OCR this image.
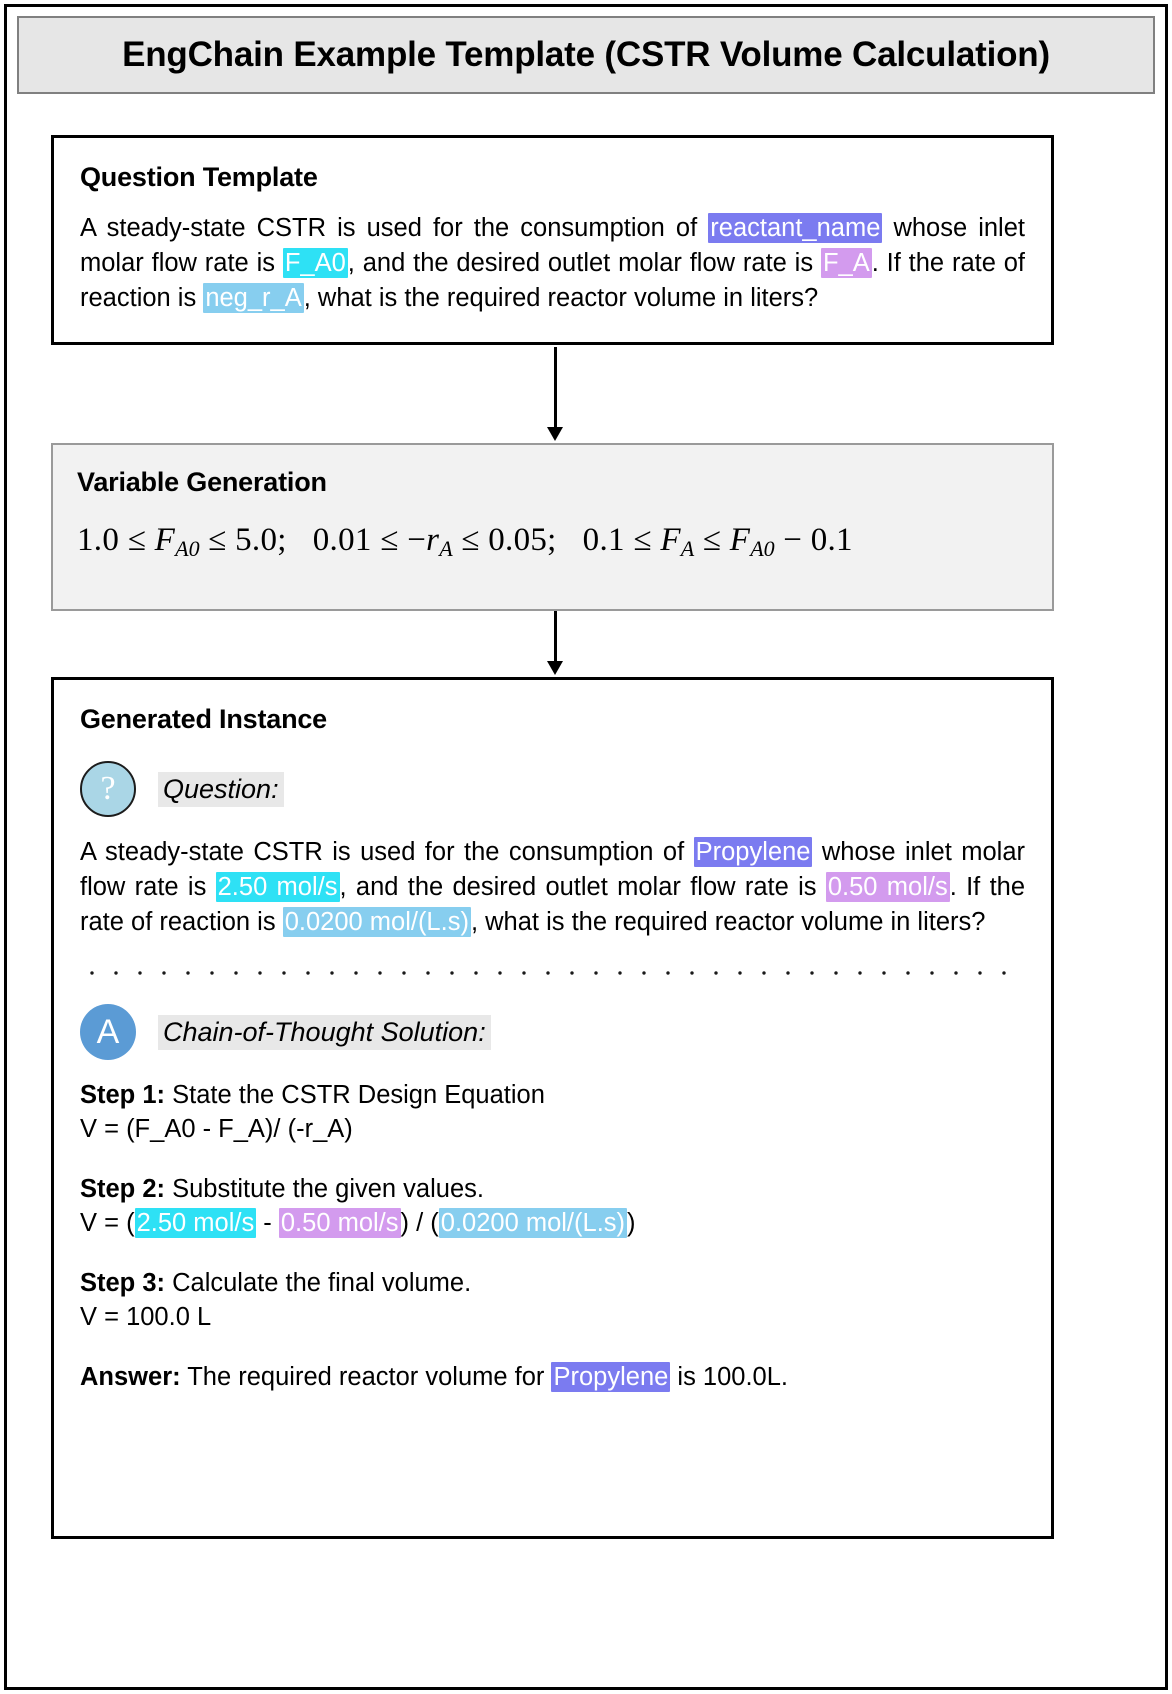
EngChain Example Template (CSTR Volume Calculation)
Question Template
A steady-state CSTR is used for the consumption of reactant_name whose inlet molar flow rate is F_A0, and the desired outlet molar flow rate is F_A. If the rate of reaction is neg_r_A, what is the required reactor volume in liters?
Variable Generation
$1.0 \le F_{A0} \le 5.0$; $0.01 \le -r_A \le 0.05$; $0.1 \le F_A \le F_{A0} - 0.1$
Generated Instance
? Question:
A steady-state CSTR is used for the consumption of Propylene whose inlet molar flow rate is 2.50 mol/s, and the desired outlet molar flow rate is 0.50 mol/s. If the rate of reaction is 0.0200 mol/(L.s), what is the required reactor volume in liters?
A Chain-of-Thought Solution:
Step 1: State the CSTR Design Equation
V = (F_A0 - F_A)/ (-r_A)
Step 2: Substitute the given values.
V = (2.50 mol/s - 0.50 mol/s) / (0.0200 mol/(L.s))
Step 3: Calculate the final volume.
V = 100.0 L
Answer: The required reactor volume for Propylene is 100.0L.
